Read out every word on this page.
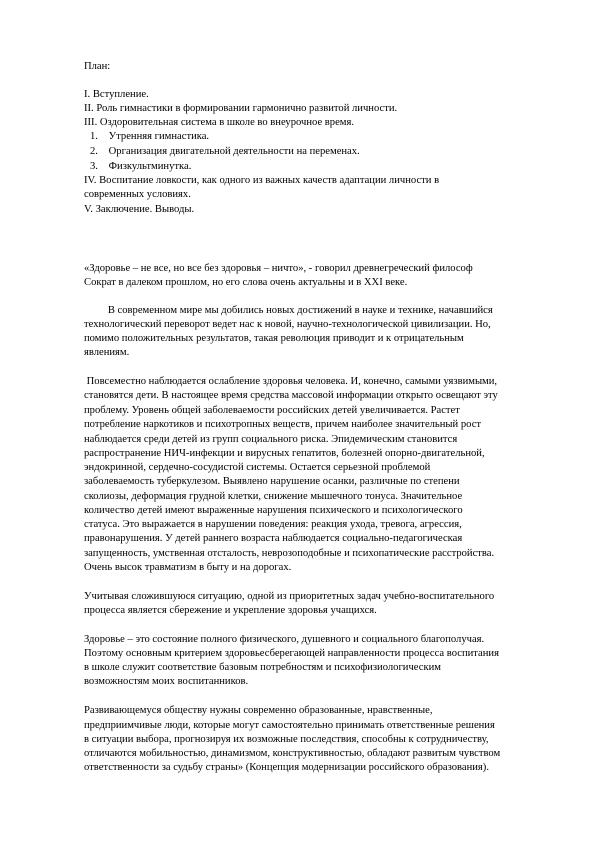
План:
I. Вступление.
II. Роль гимнастики в формировании гармонично развитой личности.
III. Оздоровительная система в школе во внеурочное время.
1. Утренняя гимнастика.
2. Организация двигательной деятельности на переменах.
3. Физкультминутка.
IV. Воспитание ловкости, как одного из важных качеств адаптации личности в
современных условиях.
V. Заключение. Выводы.
«Здоровье – не все, но все без здоровья – ничто», - говорил древнегреческий философ
Сократ в далеком прошлом, но его слова очень актуальны и в XXI веке.
В современном мире мы добились новых достижений в науке и технике, начавшийся
технологический переворот ведет нас к новой, научно-технологической цивилизации. Но,
помимо положительных результатов, такая революция приводит и к отрицательным
явлениям.
Повсеместно наблюдается ослабление здоровья человека. И, конечно, самыми уязвимыми,
становятся дети. В настоящее время средства массовой информации открыто освещают эту
проблему. Уровень общей заболеваемости российских детей увеличивается. Растет
потребление наркотиков и психотропных веществ, причем наиболее значительный рост
наблюдается среди детей из групп социального риска. Эпидемическим становится
распространение НИЧ-инфекции и вирусных гепатитов, болезней опорно-двигательной,
эндокринной, сердечно-сосудистой системы. Остается серьезной проблемой
заболеваемость туберкулезом. Выявлено нарушение осанки, различные по степени
сколиозы, деформация грудной клетки, снижение мышечного тонуса. Значительное
количество детей имеют выраженные нарушения психического и психологического
статуса. Это выражается в нарушении поведения: реакция ухода, тревога, агрессия,
правонарушения. У детей раннего возраста наблюдается социально-педагогическая
запущенность, умственная отсталость, неврозоподобные и психопатические расстройства.
Очень высок травматизм в быту и на дорогах.
Учитывая сложившуюся ситуацию, одной из приоритетных задач учебно-воспитательного
процесса является сбережение и укрепление здоровья учащихся.
Здоровье – это состояние полного физического, душевного и социального благополучая.
Поэтому основным критерием здоровьесберегающей направленности процесса воспитания
в школе служит соответствие базовым потребностям и психофизиологическим
возможностям моих воспитанников.
Развивающемуся обществу нужны современно образованные, нравственные,
предприимчивые люди, которые могут самостоятельно принимать ответственные решения
в ситуации выбора, прогнозируя их возможные последствия, способны к сотрудничеству,
отличаются мобильностью, динамизмом, конструктивностью, обладают развитым чувством
ответственности за судьбу страны» (Концепция модернизации российского образования).
